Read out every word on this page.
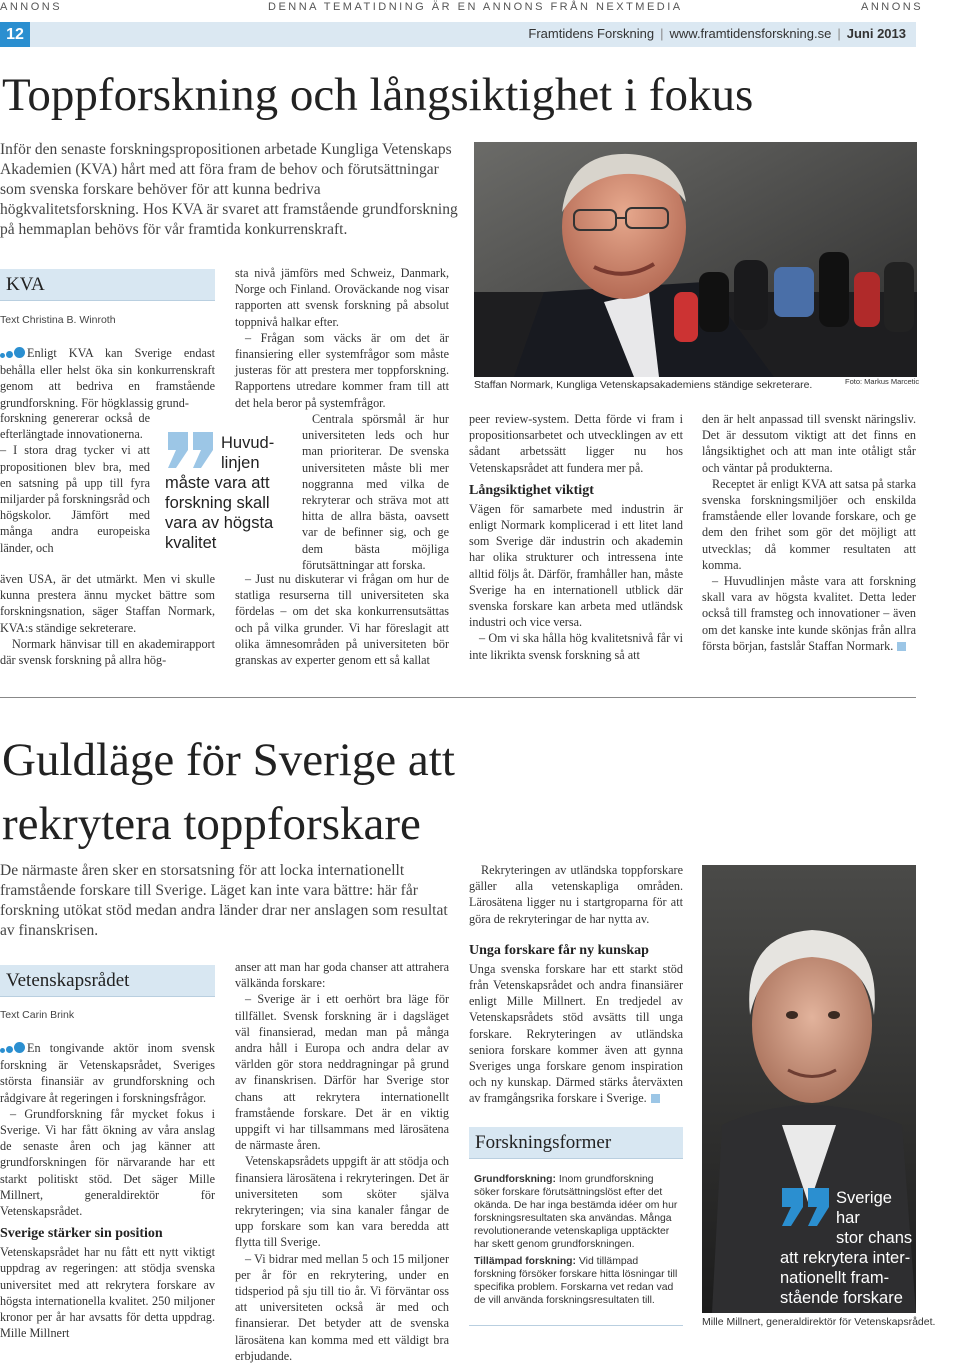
ANNONS	DENNA TEMATIDNING ÄR EN ANNONS FRÅN NEXTMEDIA	ANNONS
12	Framtidens Forskning | www.framtidensforskning.se | Juni 2013
Toppforskning och långsiktighet i fokus

Inför den senaste forskningspropositionen arbetade Kungliga Vetenskaps Akademien (KVA) hårt med att föra fram de behov och förutsättningar som svenska forskare behöver för att kunna bedriva högkvalitetsforskning. Hos KVA är svaret att framstående grundforskning på hemmaplan behövs för vår framtida konkurrenskraft.

Staffan Normark, Kungliga Vetenskapsakademiens ständige sekreterare.	Foto: Markus Marcetic

KVA

Text Christina B. Winroth

Enligt KVA kan Sverige endast behålla eller helst öka sin konkurrenskraft genom att bedriva en framstående grundforskning. För högklassig grund-

forskning genererar också de efterlängtade innovationerna.

– I stora drag tycker vi att propositionen blev bra, med en satsning på upp till fyra miljarder på forskningsråd och högskolor. Jämfört med många andra europeiska länder, och

även USA, är det utmärkt. Men vi skulle kunna prestera ännu mycket bättre som forskningsnation, säger Staffan Normark, KVA:s ständige sekreterare.

Normark hänvisar till en akademirapport där svensk forskning på allra hög-

Huvud-
linjen
måste vara att
forskning skall
vara av högsta
kvalitet

sta nivå jämförs med Schweiz, Danmark, Norge och Finland. Oroväckande nog visar rapporten att svensk forskning på absolut toppnivå halkar efter.

– Frågan som väcks är om det är finansiering eller systemfrågor som måste justeras för att prestera mer toppforskning. Rapportens utredare kommer fram till att det hela beror på systemfrågor.

Centrala spörsmål är hur universiteten leds och hur man prioriterar. De svenska universiteten måste bli mer noggranna med vilka de rekryterar och sträva mot att hitta de allra bästa, oavsett var de befinner sig, och ge dem bästa möjliga förutsättningar att forska.

– Just nu diskuterar vi frågan om hur de statliga resurserna till universiteten ska fördelas – om det ska konkurrensutsättas och på vilka grunder. Vi har föreslagit att olika ämnesområden på universiteten bör granskas av experter genom ett så kallat

peer review-system. Detta förde vi fram i propositionsarbetet och utvecklingen av ett sådant arbetssätt ligger nu hos Vetenskapsrådet att fundera mer på.

Långsiktighet viktigt

Vägen för samarbete med industrin är enligt Normark komplicerad i ett litet land som Sverige där industrin och akademin har olika strukturer och intressena inte alltid följs åt. Därför, framhåller han, måste Sverige ha en internationell utblick där svenska forskare kan arbeta med utländsk industri och vice versa.

– Om vi ska hålla hög kvalitetsnivå får vi inte likrikta svensk forskning så att

den är helt anpassad till svenskt näringsliv. Det är dessutom viktigt att det finns en långsiktighet och att man inte otåligt står och väntar på produkterna.

Receptet är enligt KVA att satsa på starka svenska forskningsmiljöer och enskilda framstående eller lovande forskare, och ge dem den frihet som gör det möjligt att utvecklas; då kommer resultaten att komma.

– Huvudlinjen måste vara att forskning skall vara av högsta kvalitet. Detta leder också till framsteg och innovationer – även om det kanske inte kunde skönjas från allra första början, fastslår Staffan Normark.

Guldläge för Sverige att
rekrytera toppforskare

De närmaste åren sker en storsatsning för att locka internationellt framstående forskare till Sverige. Läget kan inte vara bättre: här får forskning utökat stöd medan andra länder drar ner anslagen som resultat av finanskrisen.

Vetenskapsrådet

Text Carin Brink

En tongivande aktör inom svensk forskning är Vetenskapsrådet, Sveriges största finansiär av grundforskning och rådgivare åt regeringen i forskningsfrågor.

– Grundforskning får mycket fokus i Sverige. Vi har fått ökning av våra anslag de senaste åren och jag känner att grundforskningen för närvarande har ett starkt politiskt stöd. Det säger Mille Millnert, generaldirektör för Vetenskapsrådet.

Sverige stärker sin position

Vetenskapsrådet har nu fått ett nytt viktigt uppdrag av regeringen: att stödja svenska universitet med att rekrytera forskare av högsta internationella kvalitet. 250 miljoner kronor per år har avsatts för detta uppdrag. Mille Millnert

anser att man har goda chanser att attrahera välkända forskare:

– Sverige är i ett oerhört bra läge för tillfället. Svensk forskning är i dagsläget väl finansierad, medan man på många andra håll i Europa och andra delar av världen gör stora neddragningar på grund av finanskrisen. Därför har Sverige stor chans att rekrytera internationellt framstående forskare. Det är en viktig uppgift vi har tillsammans med lärosätena de närmaste åren.

Vetenskapsrådets uppgift är att stödja och finansiera lärosätena i rekryteringen. Det är universiteten som sköter själva rekryteringen; via sina kanaler fångar de upp forskare som kan vara beredda att flytta till Sverige.

– Vi bidrar med mellan 5 och 15 miljoner per år för en rekrytering, under en tidsperiod på sju till tio år. Vi förväntar oss att universiteten också är med och finansierar. Det betyder att de svenska lärosätena kan komma med ett väldigt bra erbjudande.

Rekryteringen av utländska toppforskare gäller alla vetenskapliga områden. Lärosätena ligger nu i startgroparna för att göra de rekryteringar de har nytta av.

Unga forskare får ny kunskap

Unga svenska forskare har ett starkt stöd från Vetenskapsrådet och andra finansiärer enligt Mille Millnert. En tredjedel av Vetenskapsrådets stöd avsätts till unga forskare. Rekryteringen av utländska seniora forskare kommer även att gynna Sveriges unga forskare genom inspiration och ny kunskap. Därmed stärks återväxten av framgångsrika forskare i Sverige.

Forskningsformer

Grundforskning: Inom grundforskning söker forskare förutsättningslöst efter det okända. De har inga bestämda idéer om hur forskningsresultaten ska användas. Många revolutionerande vetenskapliga upptäckter har skett genom grundforskningen.

Tillämpad forskning: Vid tillämpad forskning försöker forskare hitta lösningar till specifika problem. Forskarna vet redan vad de vill använda forskningsresultaten till.

Sverige har
stor chans
att rekrytera inter-
nationellt fram-
stående forskare

Mille Millnert, generaldirektör för Vetenskapsrådet.
